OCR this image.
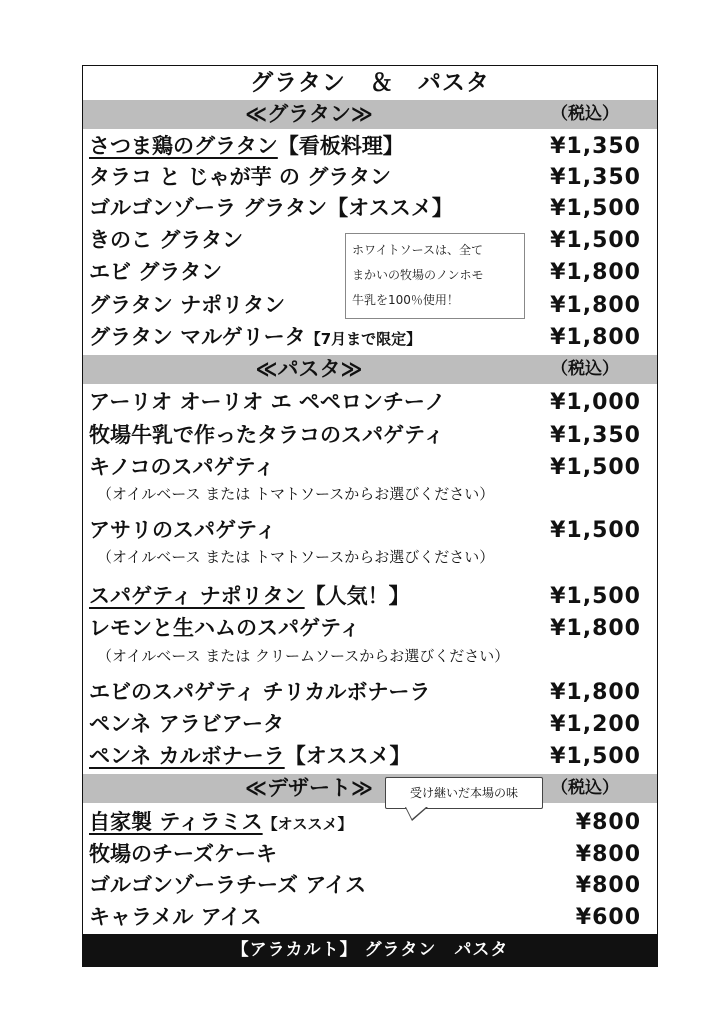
グラタン　＆　パスタ
≪グラタン≫	（税込）
さつま鶏のグラタン【看板料理】	¥1,350
タラコ と じゃが芋 の グラタン	¥1,350
ゴルゴンゾーラ グラタン【オススメ】	¥1,500
きのこ グラタン	¥1,500
エビ グラタン	¥1,800
グラタン ナポリタン	¥1,800
グラタン マルゲリータ【7月まで限定】	¥1,800
ホワイトソースは、全て
まかいの牧場のノンホモ
牛乳を100％使用！
≪パスタ≫	（税込）
アーリオ オーリオ エ ペペロンチーノ	¥1,000
牧場牛乳で作ったタラコのスパゲティ	¥1,350
キノコのスパゲティ	¥1,500
（オイルベース または トマトソースからお選びください）
アサリのスパゲティ	¥1,500
（オイルベース または トマトソースからお選びください）
スパゲティ ナポリタン【人気！】	¥1,500
レモンと生ハムのスパゲティ	¥1,800
（オイルベース または クリームソースからお選びください）
エビのスパゲティ チリカルボナーラ	¥1,800
ペンネ アラビアータ	¥1,200
ペンネ カルボナーラ【オススメ】	¥1,500
≪デザート≫	（税込）
受け継いだ本場の味
自家製 ティラミス【オススメ】	¥800
牧場のチーズケーキ	¥800
ゴルゴンゾーラチーズ アイス	¥800
キャラメル アイス	¥600
【アラカルト】 グラタン　パスタ
